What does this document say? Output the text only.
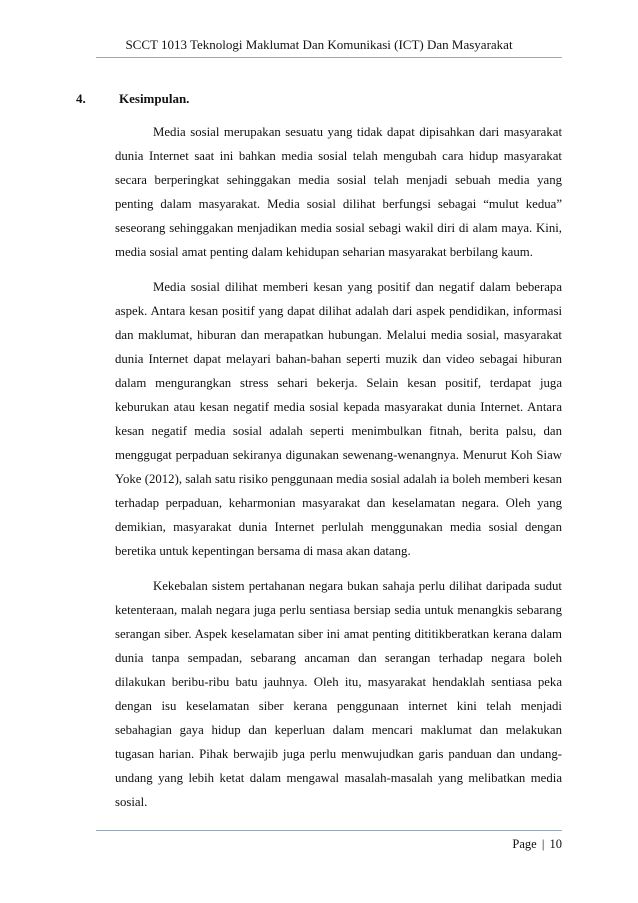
SCCT 1013 Teknologi Maklumat Dan Komunikasi (ICT) Dan Masyarakat
4.	Kesimpulan.

Media sosial merupakan sesuatu yang tidak dapat dipisahkan dari masyarakat dunia Internet saat ini bahkan media sosial telah mengubah cara hidup masyarakat secara berperingkat sehinggakan media sosial telah menjadi sebuah media yang penting dalam masyarakat. Media sosial dilihat berfungsi sebagai “mulut kedua” seseorang sehinggakan menjadikan media sosial sebagi wakil diri di alam maya. Kini, media sosial amat penting dalam kehidupan seharian masyarakat berbilang kaum.

Media sosial dilihat memberi kesan yang positif dan negatif dalam beberapa aspek. Antara kesan positif yang dapat dilihat adalah dari aspek pendidikan, informasi dan maklumat, hiburan dan merapatkan hubungan. Melalui media sosial, masyarakat dunia Internet dapat melayari bahan-bahan seperti muzik dan video sebagai hiburan dalam mengurangkan stress sehari bekerja. Selain kesan positif, terdapat juga keburukan atau kesan negatif media sosial kepada masyarakat dunia Internet. Antara kesan negatif media sosial adalah seperti menimbulkan fitnah, berita palsu, dan menggugat perpaduan sekiranya digunakan sewenang-wenangnya. Menurut Koh Siaw Yoke (2012), salah satu risiko penggunaan media sosial adalah ia boleh memberi kesan terhadap perpaduan, keharmonian masyarakat dan keselamatan negara. Oleh yang demikian, masyarakat dunia Internet perlulah menggunakan media sosial dengan beretika untuk kepentingan bersama di masa akan datang.

Kekebalan sistem pertahanan negara bukan sahaja perlu dilihat daripada sudut ketenteraan, malah negara juga perlu sentiasa bersiap sedia untuk menangkis sebarang serangan siber. Aspek keselamatan siber ini amat penting dititikberatkan kerana dalam dunia tanpa sempadan, sebarang ancaman dan serangan terhadap negara boleh dilakukan beribu-ribu batu jauhnya. Oleh itu, masyarakat hendaklah sentiasa peka dengan isu keselamatan siber kerana penggunaan internet kini telah menjadi sebahagian gaya hidup dan keperluan dalam mencari maklumat dan melakukan tugasan harian. Pihak berwajib juga perlu menwujudkan garis panduan dan undang-undang yang lebih ketat dalam mengawal masalah-masalah yang melibatkan media sosial.

Page | 10
